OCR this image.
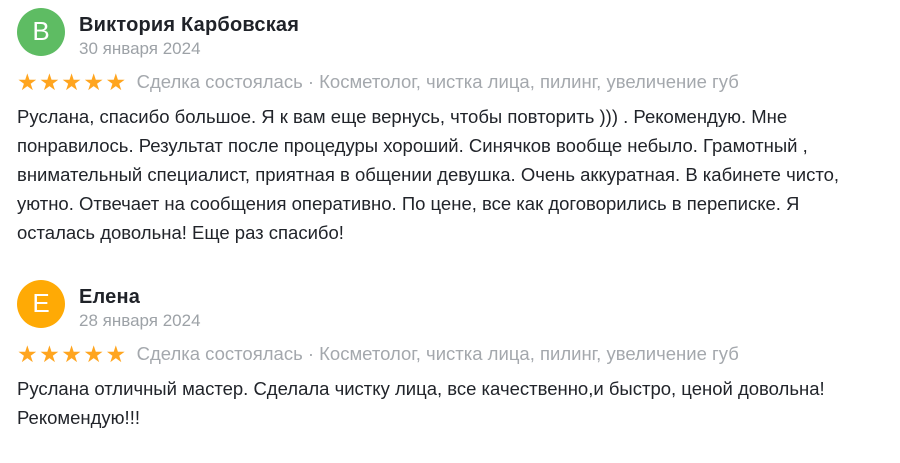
В Виктория Карбовская
30 января 2024
★★★★★ Сделка состоялась · Косметолог, чистка лица, пилинг, увеличение губ

Руслана, спасибо большое. Я к вам еще вернусь, чтобы повторить ))) . Рекомендую. Мне понравилось. Результат после процедуры хороший. Синячков вообще небыло. Грамотный , внимательный специалист, приятная в общении девушка. Очень аккуратная. В кабинете чисто, уютно. Отвечает на сообщения оперативно. По цене, все как договорились в переписке. Я осталась довольна! Еще раз спасибо!

Е Елена
28 января 2024
★★★★★ Сделка состоялась · Косметолог, чистка лица, пилинг, увеличение губ

Руслана отличный мастер. Сделала чистку лица, все качественно,и быстро, ценой довольна! Рекомендую!!!
